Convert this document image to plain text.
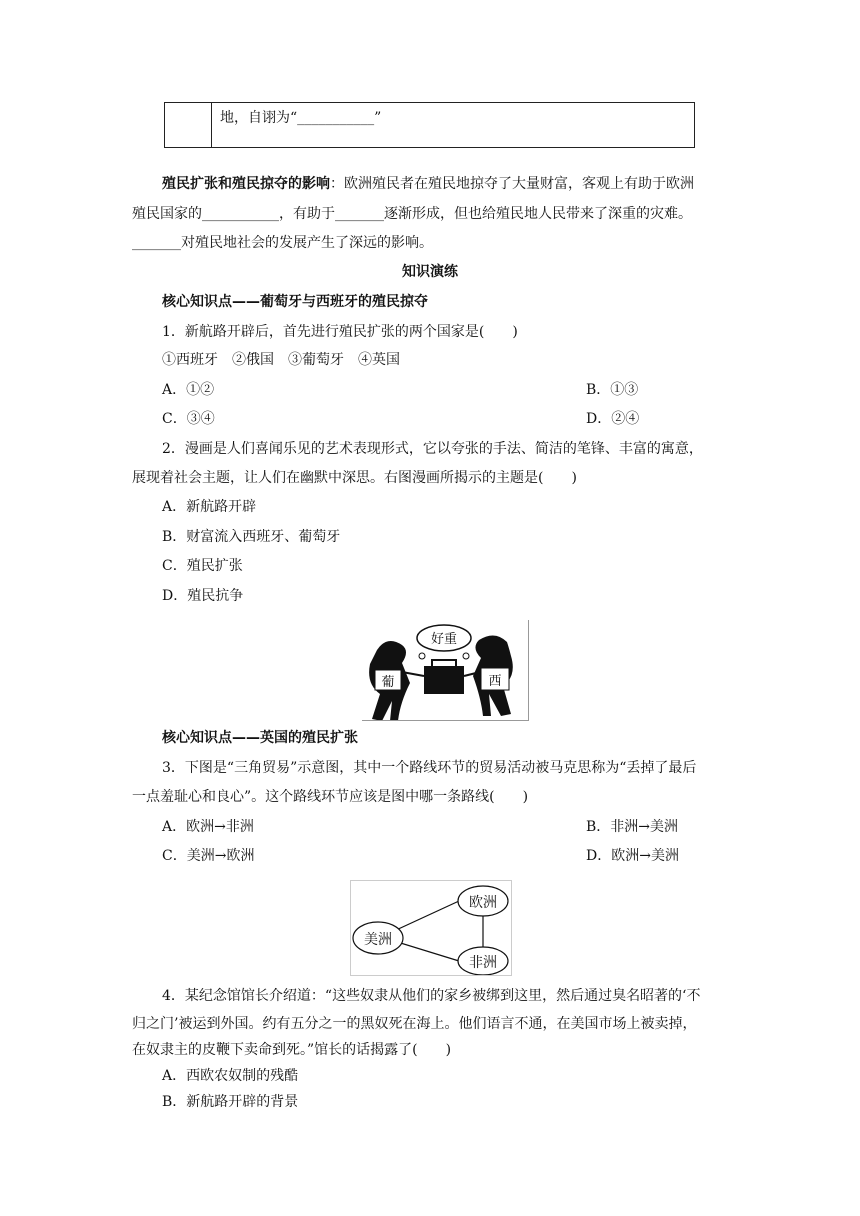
	地，自诩为“___________”
殖民扩张和殖民掠夺的影响：欧洲殖民者在殖民地掠夺了大量财富，客观上有助于欧洲
殖民国家的___________，有助于_______逐渐形成，但也给殖民地人民带来了深重的灾难。
_______对殖民地社会的发展产生了深远的影响。
知识演练
核心知识点——葡萄牙与西班牙的殖民掠夺
1．新航路开辟后，首先进行殖民扩张的两个国家是(　　)
①西班牙　②俄国　③葡萄牙　④英国
A．①②	B．①③
C．③④	D．②④
2．漫画是人们喜闻乐见的艺术表现形式，它以夸张的手法、简洁的笔锋、丰富的寓意，
展现着社会主题，让人们在幽默中深思。右图漫画所揭示的主题是(　　)
A．新航路开辟
B．财富流入西班牙、葡萄牙
C．殖民扩张
D．殖民抗争
好重
葡	西
核心知识点——英国的殖民扩张
3．下图是“三角贸易”示意图，其中一个路线环节的贸易活动被马克思称为“丢掉了最后
一点羞耻心和良心”。这个路线环节应该是图中哪一条路线(　　)
A．欧洲→非洲	B．非洲→美洲
C．美洲→欧洲	D．欧洲→美洲
欧洲
美洲
非洲
4．某纪念馆馆长介绍道：“这些奴隶从他们的家乡被绑到这里，然后通过臭名昭著的‘不
归之门’被运到外国。约有五分之一的黑奴死在海上。他们语言不通，在美国市场上被卖掉，
在奴隶主的皮鞭下卖命到死。”馆长的话揭露了(　　)
A．西欧农奴制的残酷
B．新航路开辟的背景
